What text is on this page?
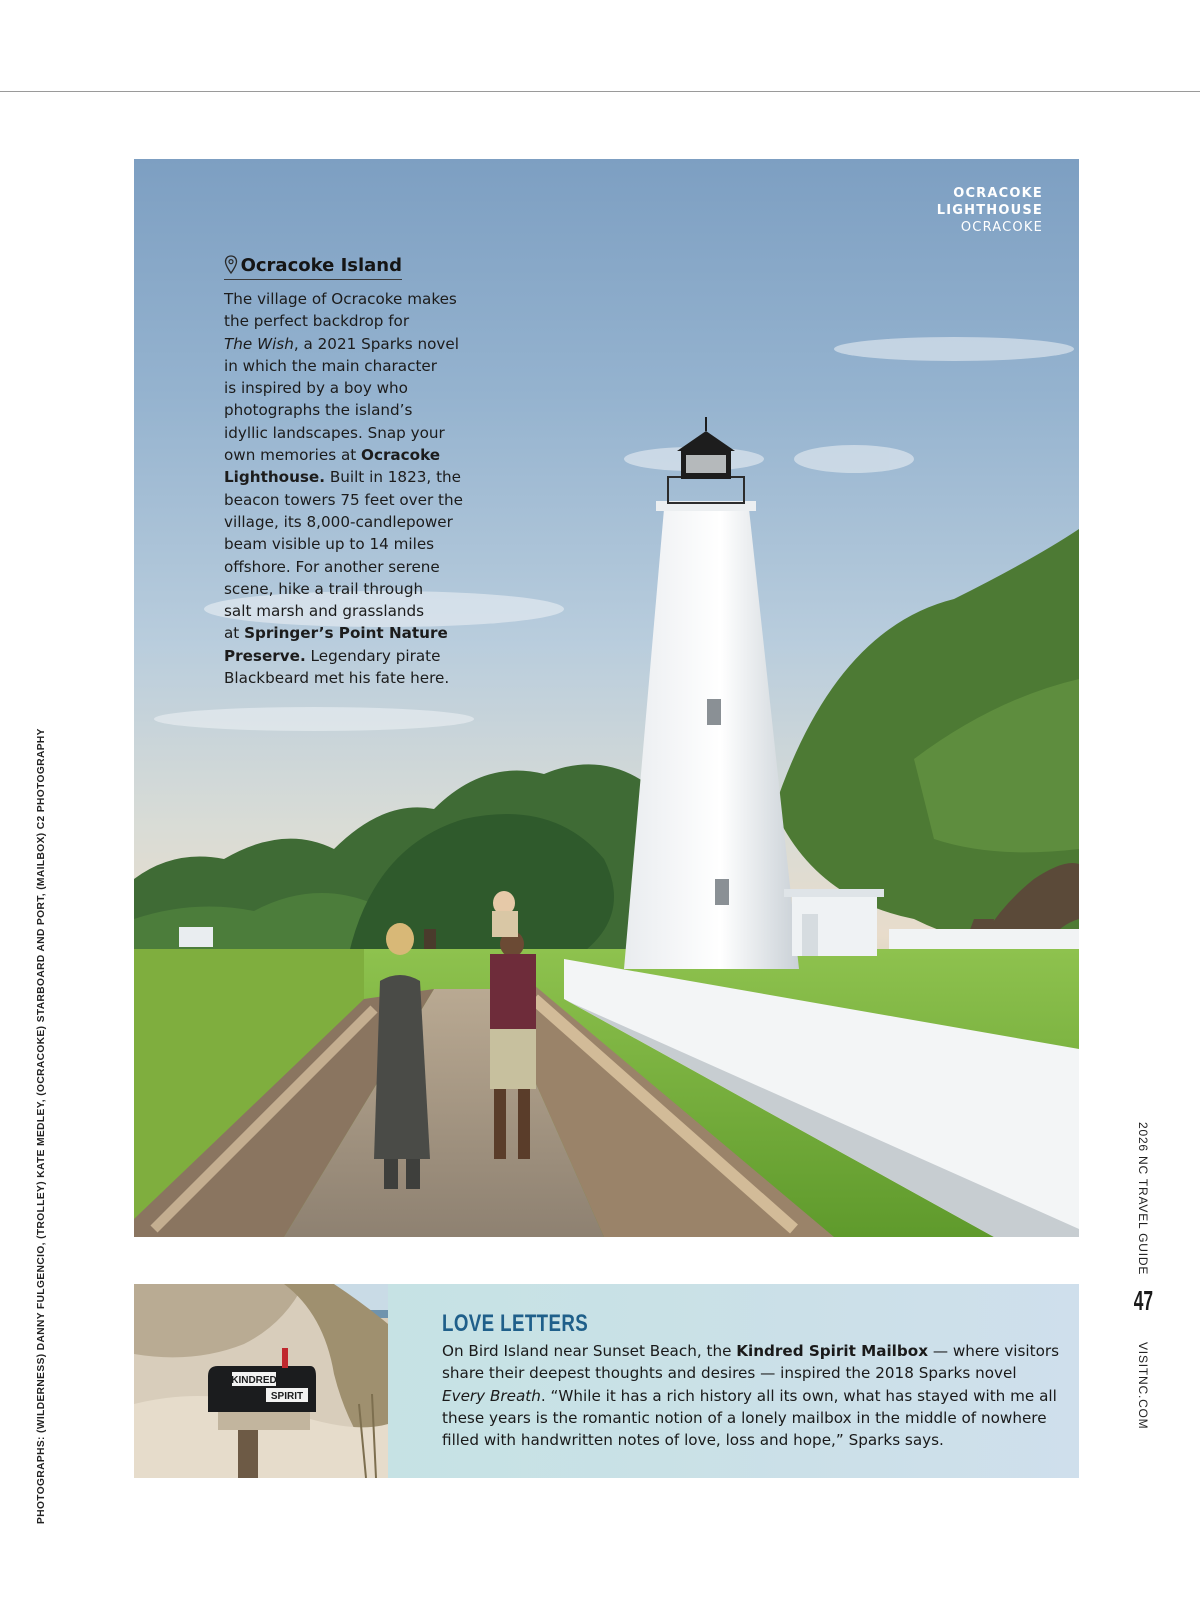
OCRACOKE
LIGHTHOUSE
OCRACOKE
Ocracoke Island
The village of Ocracoke makes
the perfect backdrop for
The Wish, a 2021 Sparks novel
in which the main character
is inspired by a boy who
photographs the island’s
idyllic landscapes. Snap your
own memories at Ocracoke
Lighthouse. Built in 1823, the
beacon towers 75 feet over the
village, its 8,000-candlepower
beam visible up to 14 miles
offshore. For another serene
scene, hike a trail through
salt marsh and grasslands
at Springer’s Point Nature
Preserve. Legendary pirate
Blackbeard met his fate here.
KINDRED
SPIRIT
LOVE LETTERS
On Bird Island near Sunset Beach, the Kindred Spirit Mailbox — where visitors
share their deepest thoughts and desires — inspired the 2018 Sparks novel
Every Breath. “While it has a rich history all its own, what has stayed with me all
these years is the romantic notion of a lonely mailbox in the middle of nowhere
filled with handwritten notes of love, loss and hope,” Sparks says.
PHOTOGRAPHS: (WILDERNESS) DANNY FULGENCIO, (TROLLEY) KATE MEDLEY, (OCRACOKE) STARBOARD AND PORT, (MAILBOX) C2 PHOTOGRAPHY	2026 NC TRAVEL GUIDE
47
VISITNC.COM
